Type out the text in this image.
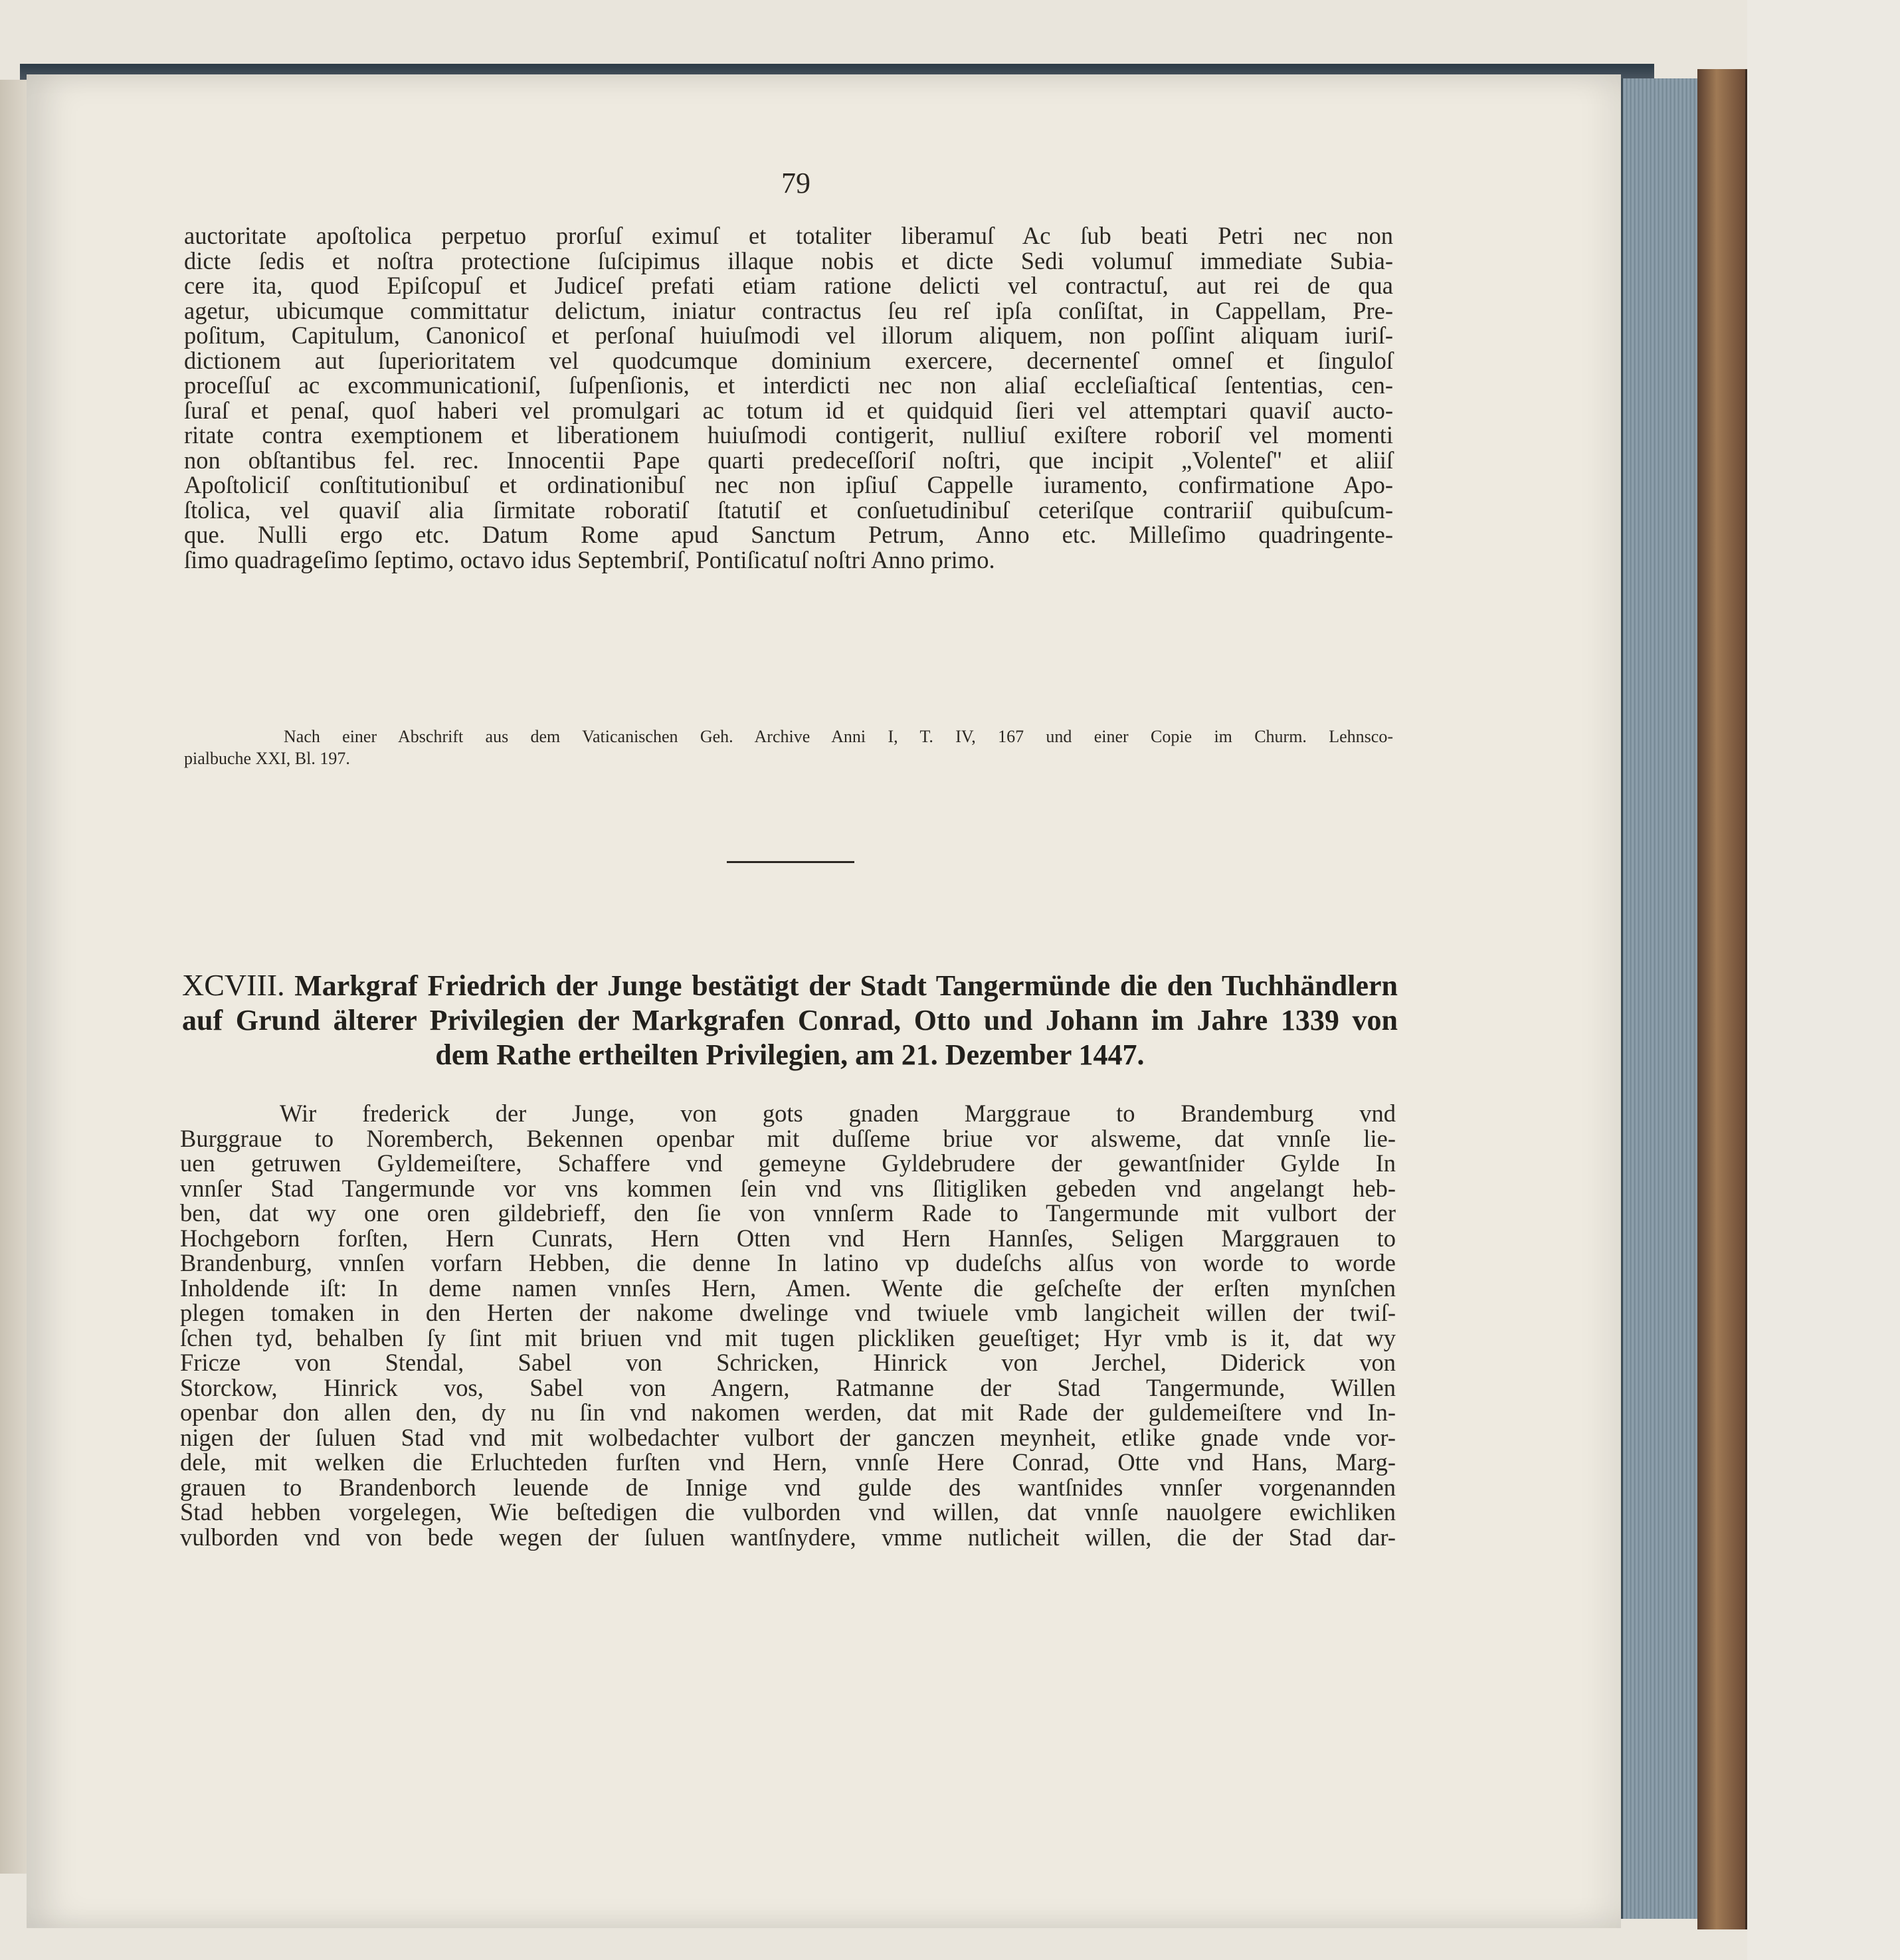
79

auctoritate apoſtolica perpetuo prorſuſ eximuſ et totaliter liberamuſ Ac ſub beati Petri nec non

dicte ſedis et noſtra protectione ſuſcipimus illaque nobis et dicte Sedi volumuſ immediate Subia-

cere ita, quod Epiſcopuſ et Judiceſ prefati etiam ratione delicti vel contractuſ, aut rei de qua

agetur, ubicumque committatur delictum, iniatur contractus ſeu reſ ipſa conſiſtat, in Cappellam, Pre-

poſitum, Capitulum, Canonicoſ et perſonaſ huiuſmodi vel illorum aliquem, non poſſint aliquam iuriſ-

dictionem aut ſuperioritatem vel quodcumque dominium exercere, decernenteſ omneſ et ſinguloſ

proceſſuſ ac excommunicationiſ, ſuſpenſionis, et interdicti nec non aliaſ eccleſiaſticaſ ſententias, cen-

ſuraſ et penaſ, quoſ haberi vel promulgari ac totum id et quidquid ſieri vel attemptari quaviſ aucto-

ritate contra exemptionem et liberationem huiuſmodi contigerit, nulliuſ exiſtere roboriſ vel momenti

non obſtantibus fel. rec. Innocentii Pape quarti predeceſſoriſ noſtri, que incipit „Volenteſ" et aliiſ

Apoſtoliciſ conſtitutionibuſ et ordinationibuſ nec non ipſiuſ Cappelle iuramento, confirmatione Apo-

ſtolica, vel quaviſ alia ſirmitate roboratiſ ſtatutiſ et conſuetudinibuſ ceteriſque contrariiſ quibuſcum-

que. Nulli ergo etc. Datum Rome apud Sanctum Petrum, Anno etc. Milleſimo quadringente-

ſimo quadrageſimo ſeptimo, octavo idus Septembriſ, Pontiſicatuſ noſtri Anno primo.

Nach einer Abschrift aus dem Vaticanischen Geh. Archive Anni I, T. IV, 167 und einer Copie im Churm. Lehnsco-
pialbuche XXI, Bl. 197.
XCVIII. Markgraf Friedrich der Junge bestätigt der Stadt Tangermünde die den Tuchhändlern
auf Grund älterer Privilegien der Markgrafen Conrad, Otto und Johann im Jahre 1339 von
dem Rathe ertheilten Privilegien, am 21. Dezember 1447.

Wir frederick der Junge, von gots gnaden Marggraue to Brandemburg vnd

Burggraue to Noremberch, Bekennen openbar mit duſſeme briue vor alsweme, dat vnnſe lie-

uen getruwen Gyldemeiſtere, Schaffere vnd gemeyne Gyldebrudere der gewantſnider Gylde In

vnnſer Stad Tangermunde vor vns kommen ſein vnd vns ſlitigliken gebeden vnd angelangt heb-

ben, dat wy one oren gildebrieff, den ſie von vnnſerm Rade to Tangermunde mit vulbort der

Hochgeborn forſten, Hern Cunrats, Hern Otten vnd Hern Hannſes, Seligen Marggrauen to

Brandenburg, vnnſen vorfarn Hebben, die denne In latino vp dudeſchs alſus von worde to worde

Inholdende iſt: In deme namen vnnſes Hern, Amen. Wente die geſcheſte der erſten mynſchen

plegen tomaken in den Herten der nakome dwelinge vnd twiuele vmb langicheit willen der twiſ-

ſchen tyd, behalben ſy ſint mit briuen vnd mit tugen plickliken geueſtiget; Hyr vmb is it, dat wy

Fricze von Stendal, Sabel von Schricken, Hinrick von Jerchel, Diderick von

Storckow, Hinrick vos, Sabel von Angern, Ratmanne der Stad Tangermunde, Willen

openbar don allen den, dy nu ſin vnd nakomen werden, dat mit Rade der guldemeiſtere vnd In-

nigen der ſuluen Stad vnd mit wolbedachter vulbort der ganczen meynheit, etlike gnade vnde vor-

dele, mit welken die Erluchteden furſten vnd Hern, vnnſe Here Conrad, Otte vnd Hans, Marg-

grauen to Brandenborch leuende de Innige vnd gulde des wantſnides vnnſer vorgenannden

Stad hebben vorgelegen, Wie beſtedigen die vulborden vnd willen, dat vnnſe nauolgere ewichliken

vulborden vnd von bede wegen der ſuluen wantſnydere, vmme nutlicheit willen, die der Stad dar-
